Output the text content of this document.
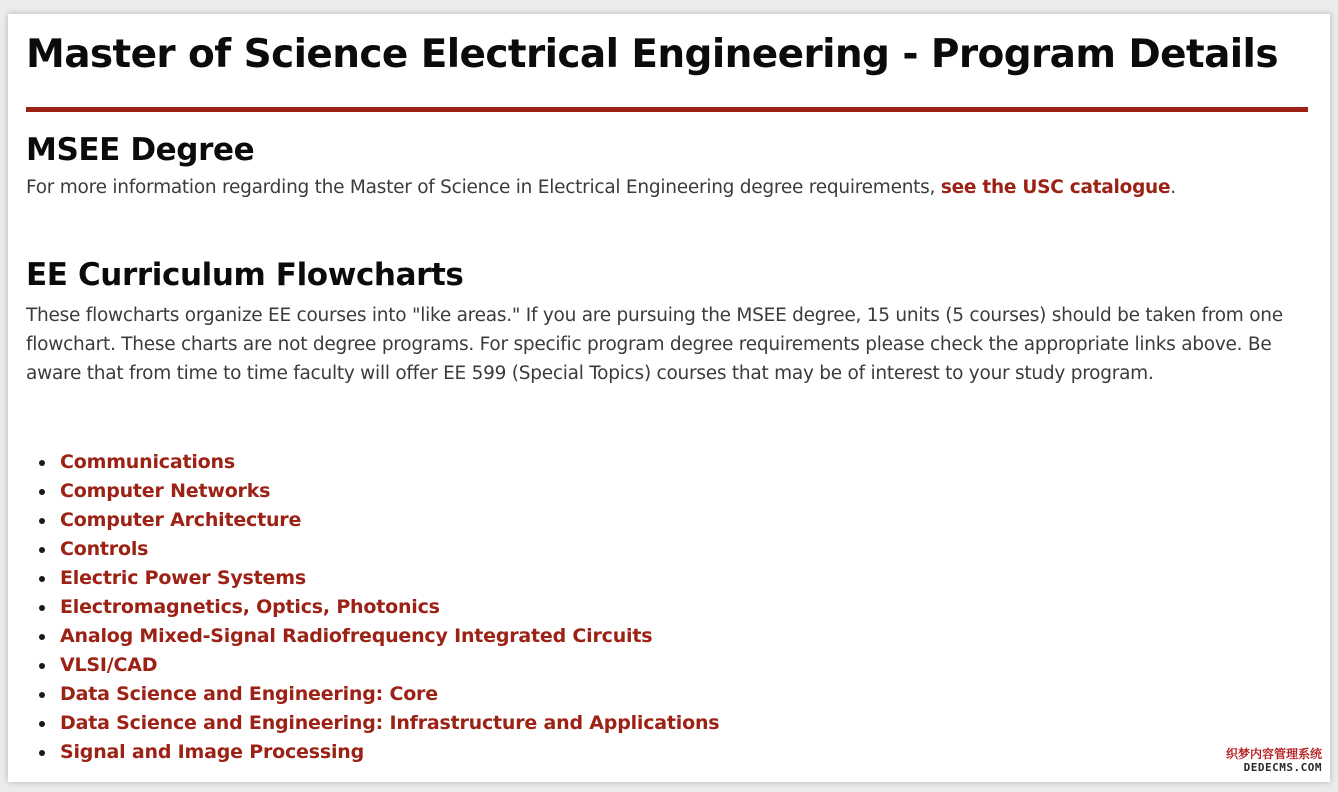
Master of Science Electrical Engineering - Program Details
MSEE Degree

For more information regarding the Master of Science in Electrical Engineering degree requirements, see the USC catalogue.

EE Curriculum Flowcharts

These flowcharts organize EE courses into "like areas." If you are pursuing the MSEE degree, 15 units (5 courses) should be taken from one flowchart. These charts are not degree programs. For specific program degree requirements please check the appropriate links above. Be aware that from time to time faculty will offer EE 599 (Special Topics) courses that may be of interest to your study program.

Communications
Computer Networks
Computer Architecture
Controls
Electric Power Systems
Electromagnetics, Optics, Photonics
Analog Mixed-Signal Radiofrequency Integrated Circuits
VLSI/CAD
Data Science and Engineering: Core
Data Science and Engineering: Infrastructure and Applications
Signal and Image Processing	织梦内容管理系统
DEDECMS.COM
